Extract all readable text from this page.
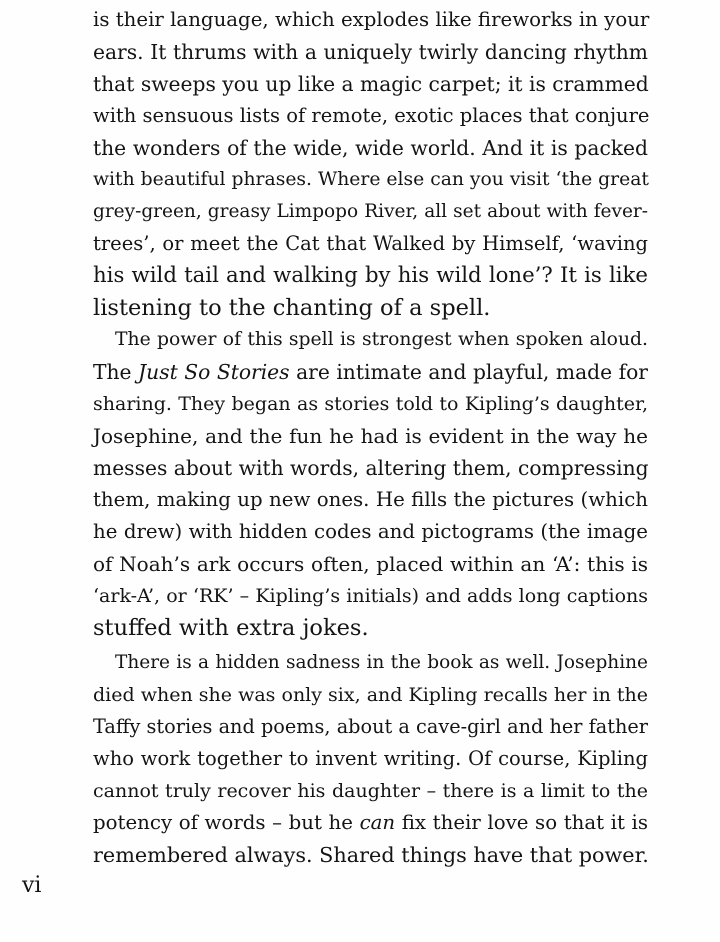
is their language, which explodes like fireworks in your
ears. It thrums with a uniquely twirly dancing rhythm
that sweeps you up like a magic carpet; it is crammed
with sensuous lists of remote, exotic places that conjure
the wonders of the wide, wide world. And it is packed
with beautiful phrases. Where else can you visit ‘the great
grey-green, greasy Limpopo River, all set about with fever-
trees’, or meet the Cat that Walked by Himself, ‘waving
his wild tail and walking by his wild lone’? It is like
listening to the chanting of a spell.
The power of this spell is strongest when spoken aloud.
The Just So Stories are intimate and playful, made for
sharing. They began as stories told to Kipling’s daughter,
Josephine, and the fun he had is evident in the way he
messes about with words, altering them, compressing
them, making up new ones. He fills the pictures (which
he drew) with hidden codes and pictograms (the image
of Noah’s ark occurs often, placed within an ‘A’: this is
‘ark-A’, or ‘RK’ – Kipling’s initials) and adds long captions
stuffed with extra jokes.
There is a hidden sadness in the book as well. Josephine
died when she was only six, and Kipling recalls her in the
Taffy stories and poems, about a cave-girl and her father
who work together to invent writing. Of course, Kipling
cannot truly recover his daughter – there is a limit to the
potency of words – but he can fix their love so that it is
remembered always. Shared things have that power.
vi
